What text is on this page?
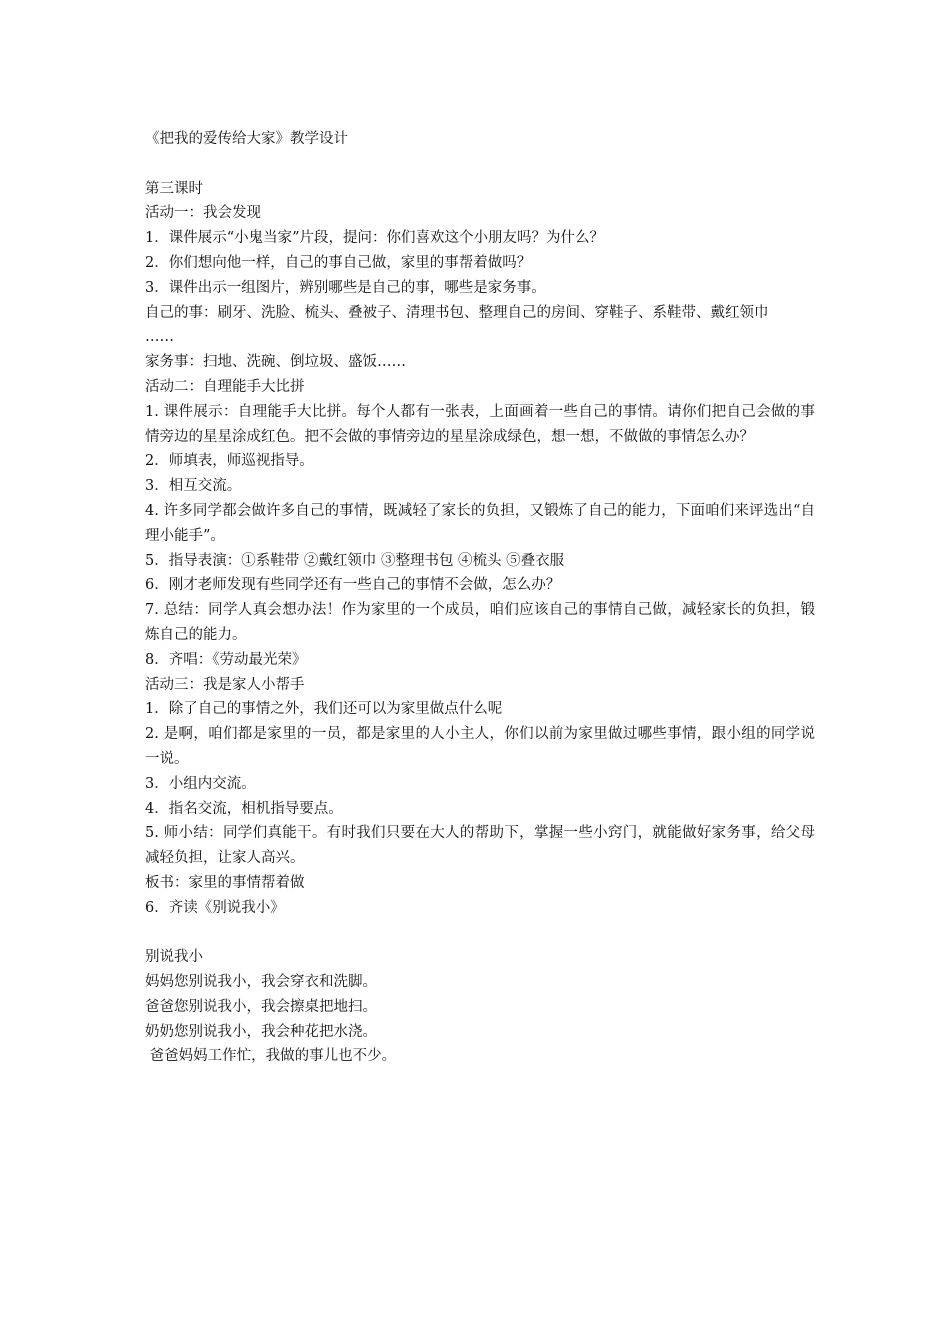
《把我的爱传给大家》教学设计
第三课时
活动一：我会发现
1．课件展示“小鬼当家”片段，提问：你们喜欢这个小朋友吗？为什么？
2．你们想向他一样，自己的事自己做，家里的事帮着做吗？
3．课件出示一组图片，辨别哪些是自己的事，哪些是家务事。
自己的事：刷牙、洗脸、梳头、叠被子、清理书包、整理自己的房间、穿鞋子、系鞋带、戴红领巾
……
家务事：扫地、洗碗、倒垃圾、盛饭……
活动二：自理能手大比拼
1. 课件展示：自理能手大比拼。每个人都有一张表，上面画着一些自己的事情。请你们把自己会做的事情旁边的星星涂成红色。把不会做的事情旁边的星星涂成绿色，想一想，不做做的事情怎么办？
2．师填表，师巡视指导。
3．相互交流。
4. 许多同学都会做许多自己的事情，既减轻了家长的负担，又锻炼了自己的能力，下面咱们来评选出“自理小能手”。
5．指导表演：①系鞋带 ②戴红领巾 ③整理书包 ④梳头 ⑤叠衣服
6．刚才老师发现有些同学还有一些自己的事情不会做，怎么办？
7. 总结：同学人真会想办法！作为家里的一个成员，咱们应该自己的事情自己做，减轻家长的负担，锻炼自己的能力。
8．齐唱：《劳动最光荣》
活动三：我是家人小帮手
1．除了自己的事情之外，我们还可以为家里做点什么呢
2. 是啊，咱们都是家里的一员，都是家里的人小主人，你们以前为家里做过哪些事情，跟小组的同学说一说。
3．小组内交流。
4．指名交流，相机指导要点。
5. 师小结：同学们真能干。有时我们只要在大人的帮助下，掌握一些小窍门，就能做好家务事，给父母减轻负担，让家人高兴。
板书：家里的事情帮着做
6．齐读《别说我小》
别说我小
妈妈您别说我小，我会穿衣和洗脚。
爸爸您别说我小，我会擦桌把地扫。
奶奶您别说我小，我会种花把水浇。
爸爸妈妈工作忙，我做的事儿也不少。
